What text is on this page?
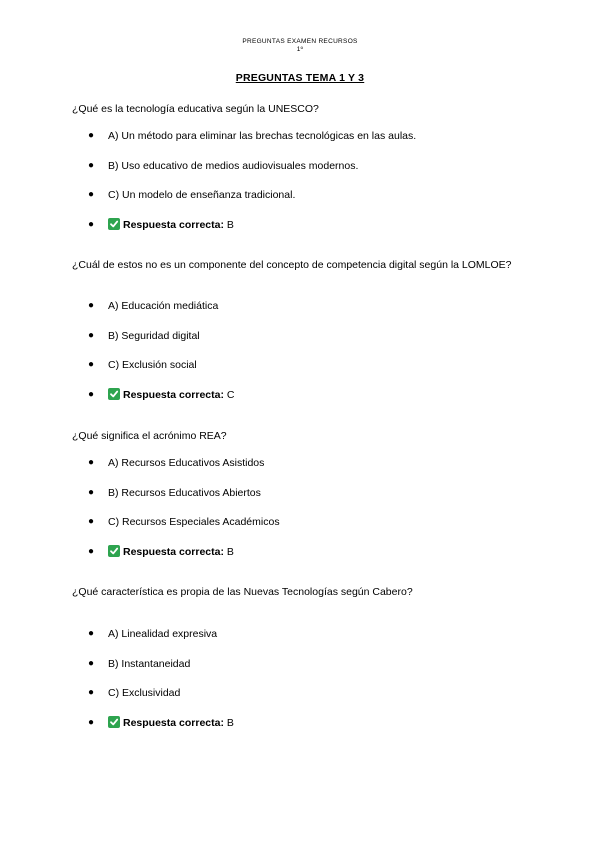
PREGUNTAS EXAMEN RECURSOS
1º
PREGUNTAS TEMA 1 Y 3
¿Qué es la tecnología educativa según la UNESCO?
● A) Un método para eliminar las brechas tecnológicas en las aulas.
● B) Uso educativo de medios audiovisuales modernos.
● C) Un modelo de enseñanza tradicional.
●	Respuesta correcta: B
¿Cuál de estos no es un componente del concepto de competencia digital según la LOMLOE?
● A) Educación mediática
● B) Seguridad digital
● C) Exclusión social
●	Respuesta correcta: C
¿Qué significa el acrónimo REA?
● A) Recursos Educativos Asistidos
● B) Recursos Educativos Abiertos
● C) Recursos Especiales Académicos
●	Respuesta correcta: B
¿Qué característica es propia de las Nuevas Tecnologías según Cabero?
● A) Linealidad expresiva
● B) Instantaneidad
● C) Exclusividad
●	Respuesta correcta: B
